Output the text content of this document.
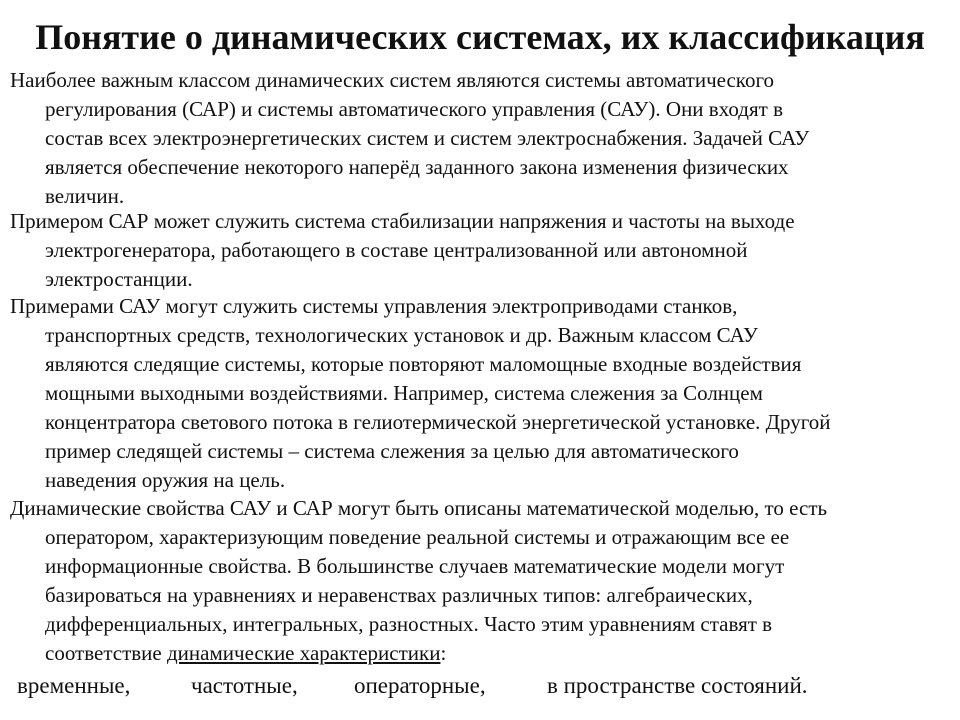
Понятие о динамических системах, их классификация

Наиболее важным классом динамических систем являются системы автоматического
регулирования (САР) и системы автоматического управления (САУ). Они входят в
состав всех электроэнергетических систем и систем электроснабжения. Задачей САУ
является обеспечение некоторого наперёд заданного закона изменения физических
величин.

Примером САР может служить система стабилизации напряжения и частоты на выходе
электрогенератора, работающего в составе централизованной или автономной
электростанции.

Примерами САУ могут служить системы управления электроприводами станков,
транспортных средств, технологических установок и др. Важным классом САУ
являются следящие системы, которые повторяют маломощные входные воздействия
мощными выходными воздействиями. Например, система слежения за Солнцем
концентратора светового потока в гелиотермической энергетической установке. Другой
пример следящей системы – система слежения за целью для автоматического
наведения оружия на цель.

Динамические свойства САУ и САР могут быть описаны математической моделью, то есть
оператором, характеризующим поведение реальной системы и отражающим все ее
информационные свойства. В большинстве случаев математические модели могут
базироваться на уравнениях и неравенствах различных типов: алгебраических,
дифференциальных, интегральных, разностных. Часто этим уравнениям ставят в
соответствие динамические характеристики:

временные,	частотные, операторные,	в пространстве состояний.
